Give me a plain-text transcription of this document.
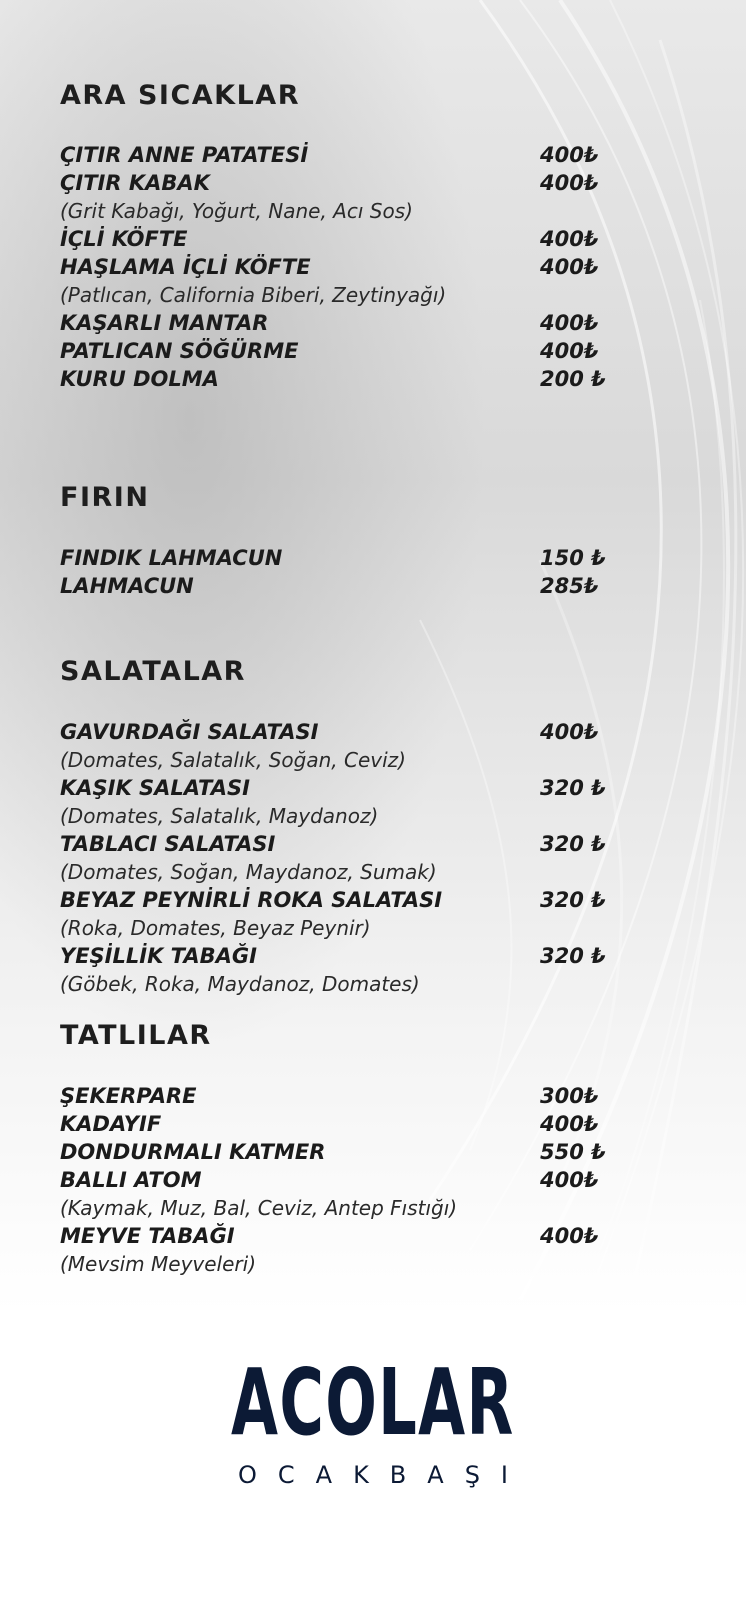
ARA SICAKLAR
ÇITIR ANNE PATATESİ	400₺
ÇITIR KABAK	400₺
(Grit Kabağı, Yoğurt, Nane, Acı Sos)
İÇLİ KÖFTE	400₺
HAŞLAMA İÇLİ KÖFTE	400₺
(Patlıcan, California Biberi, Zeytinyağı)
KAŞARLI MANTAR	400₺
PATLICAN SÖĞÜRME	400₺
KURU DOLMA	200 ₺
FIRIN
FINDIK LAHMACUN	150 ₺
LAHMACUN	285₺
SALATALAR
GAVURDAĞI SALATASI	400₺
(Domates, Salatalık, Soğan, Ceviz)
KAŞIK SALATASI	320 ₺
(Domates, Salatalık, Maydanoz)
TABLACI SALATASI	320 ₺
(Domates, Soğan, Maydanoz, Sumak)
BEYAZ PEYNİRLİ ROKA SALATASI	320 ₺
(Roka, Domates, Beyaz Peynir)
YEŞİLLİK TABAĞI	320 ₺
(Göbek, Roka, Maydanoz, Domates)
TATLILAR
ŞEKERPARE	300₺
KADAYIF	400₺
DONDURMALI KATMER	550 ₺
BALLI ATOM	400₺
(Kaymak, Muz, Bal, Ceviz, Antep Fıstığı)
MEYVE TABAĞI	400₺
(Mevsim Meyveleri)
ACOLAR
OCAKBAŞI
